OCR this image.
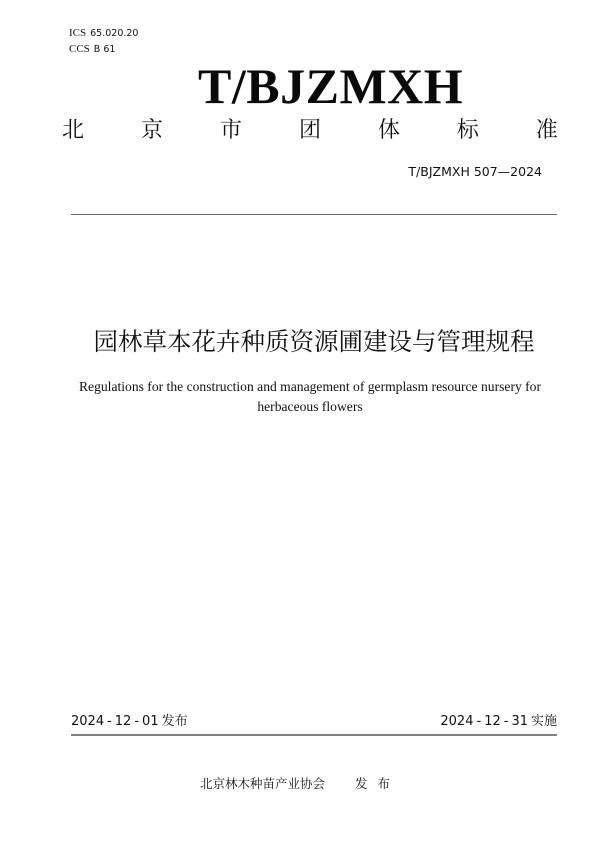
ICS 65.020.20
CCS B 61
T/BJZMXH
北	京	市	团	体	标	准
T/BJZMXH 507—2024
园林草本花卉种质资源圃建设与管理规程
Regulations for the construction and management of germplasm resource nursery for
herbaceous flowers
2024 - 12 - 01 发布	2024 - 12 - 31 实施
北京林木种苗产业协会 发布
